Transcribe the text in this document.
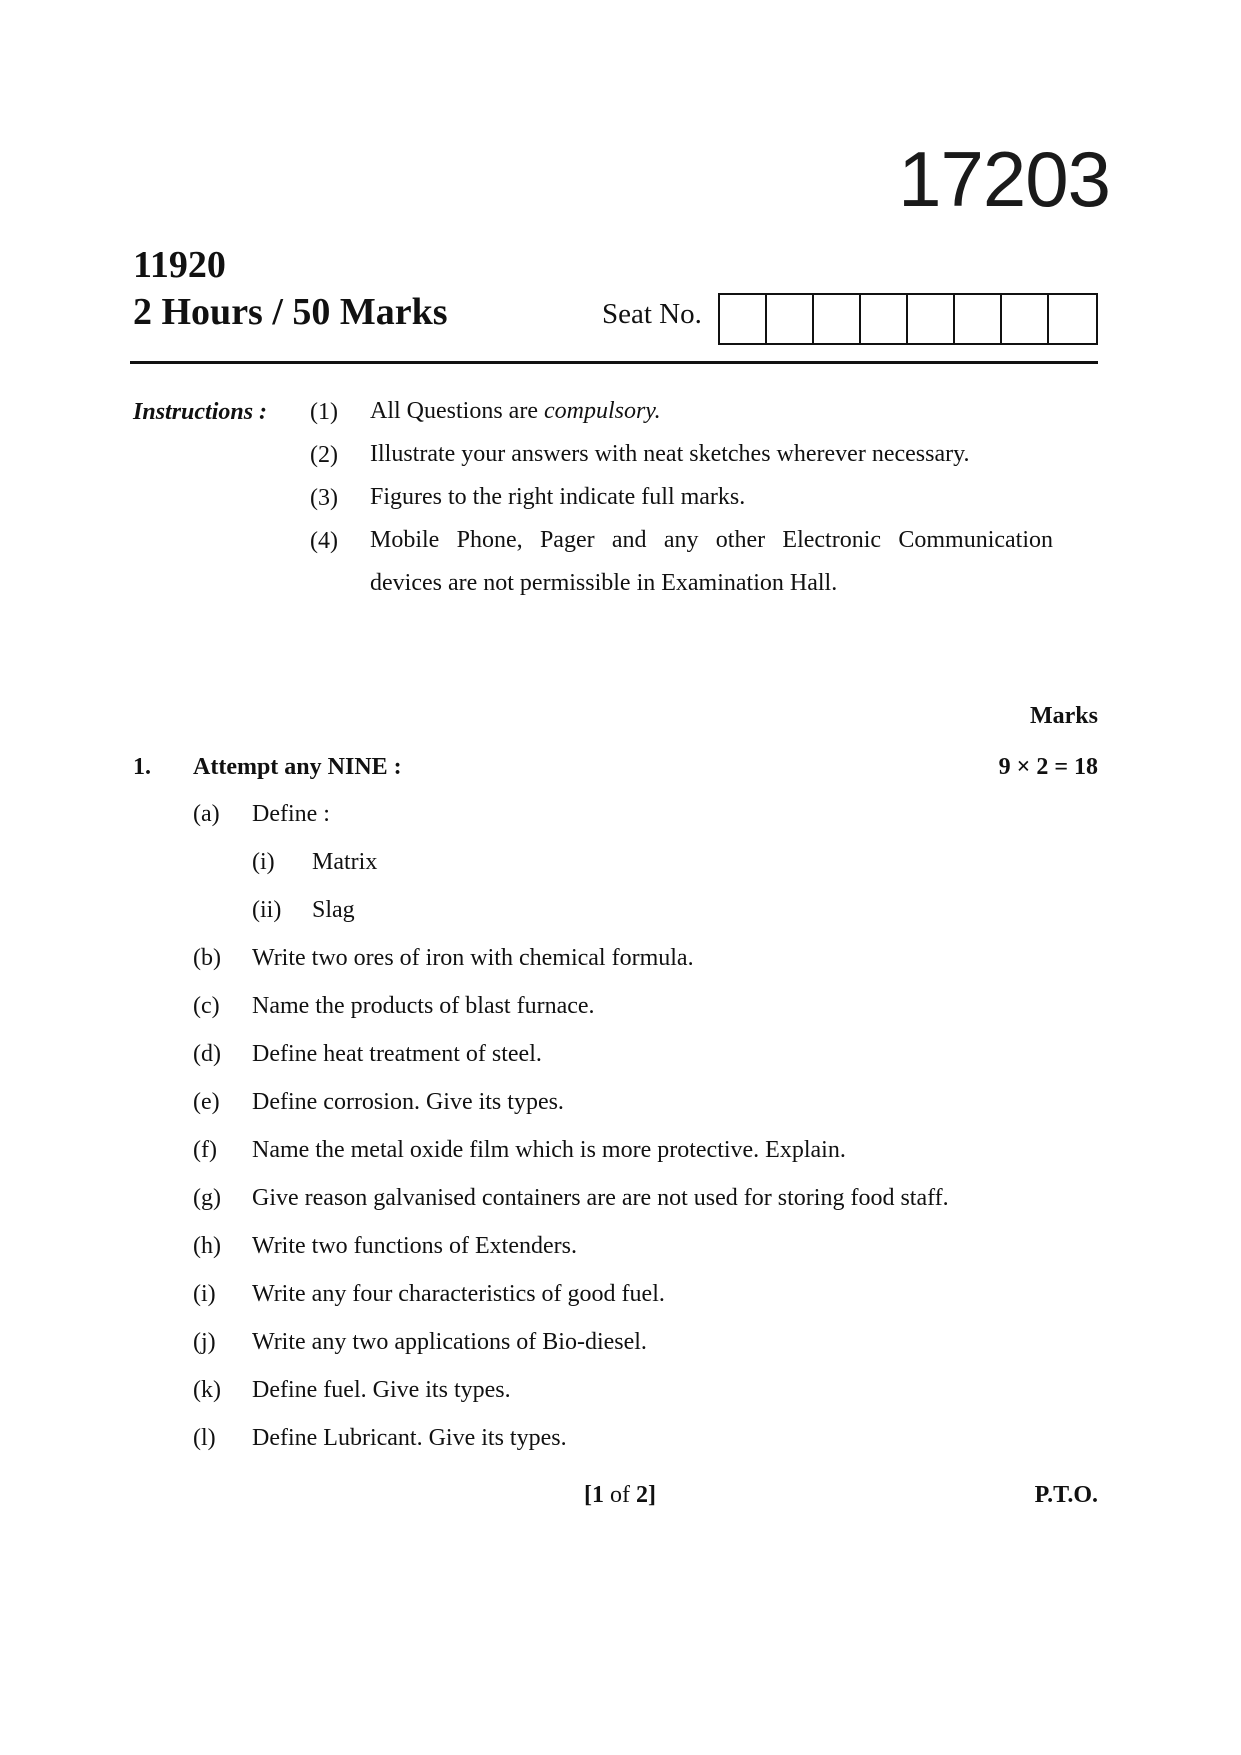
17203
11920
2 Hours / 50 Marks	Seat No.
Instructions : (1) All Questions are compulsory.
(2) Illustrate your answers with neat sketches wherever necessary.
(3) Figures to the right indicate full marks.
(4) Mobile Phone, Pager and any other Electronic Communication
devices are not permissible in Examination Hall.
Marks
1. Attempt any NINE :	9 × 2 = 18
(a) Define :
(i) Matrix
(ii) Slag
(b) Write two ores of iron with chemical formula.
(c) Name the products of blast furnace.
(d) Define heat treatment of steel.
(e) Define corrosion. Give its types.
(f) Name the metal oxide film which is more protective. Explain.
(g) Give reason galvanised containers are are not used for storing food staff.
(h) Write two functions of Extenders.
(i) Write any four characteristics of good fuel.
(j) Write any two applications of Bio-diesel.
(k) Define fuel. Give its types.
(l) Define Lubricant. Give its types.
[1 of 2]	P.T.O.
